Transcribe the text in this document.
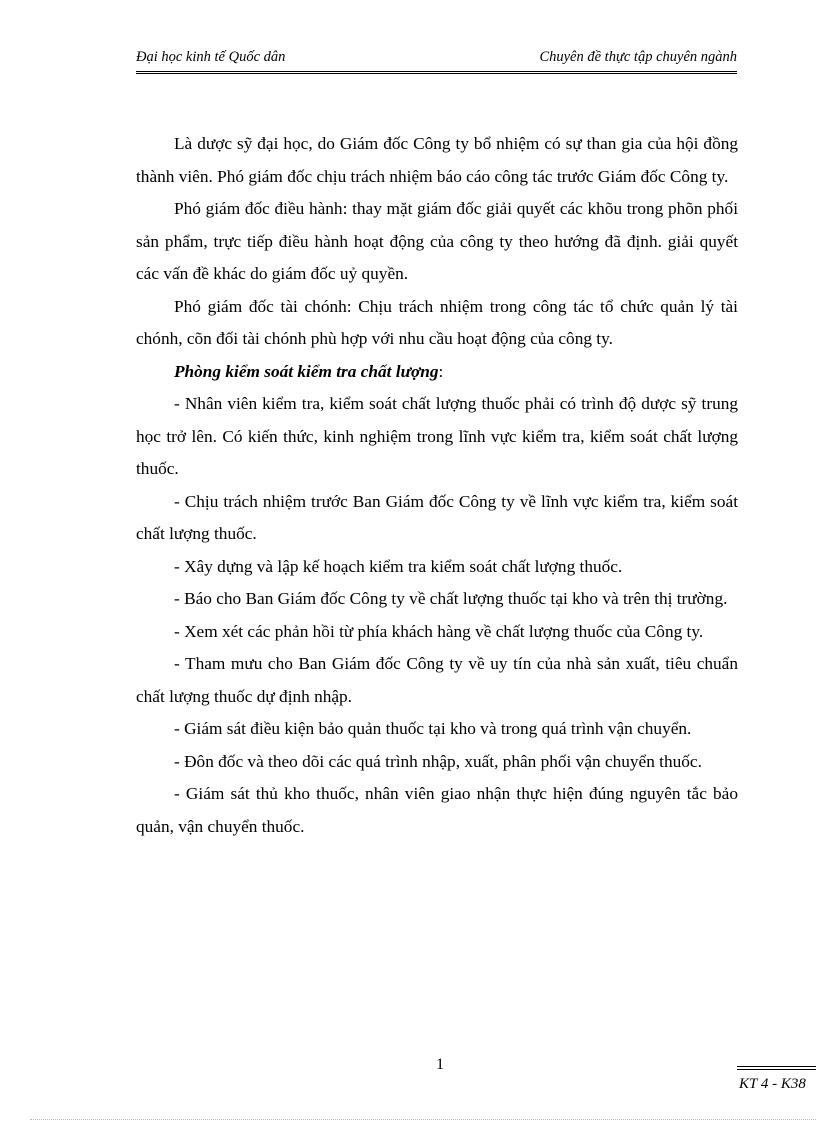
Đại học kinh tế Quốc dân	Chuyên đề thực tập chuyên ngành

Là dược sỹ đại học, do Giám đốc Công ty bổ nhiệm có sự than gia của hội đồng thành viên. Phó giám đốc chịu trách nhiệm báo cáo công tác trước Giám đốc Công ty.

Phó giám đốc điều hành: thay mặt giám đốc giải quyết các khõu trong phõn phối sản phẩm, trực tiếp điều hành hoạt động của công ty theo hướng đã định. giải quyết các vấn đề khác do giám đốc uỷ quyền.

Phó giám đốc tài chónh: Chịu trách nhiệm trong công tác tổ chức quản lý tài chónh, cõn đối tài chónh phù hợp với nhu cầu hoạt động của công ty.

Phòng kiểm soát kiểm tra chất lượng:

- Nhân viên kiểm tra, kiểm soát chất lượng thuốc phải có trình độ dược sỹ trung học trở lên. Có kiến thức, kinh nghiệm trong lĩnh vực kiểm tra, kiểm soát chất lượng thuốc.

- Chịu trách nhiệm trước Ban Giám đốc Công ty về lĩnh vực kiểm tra, kiểm soát chất lượng thuốc.

- Xây dựng và lập kế hoạch kiểm tra kiểm soát chất lượng thuốc.

- Báo cho Ban Giám đốc Công ty về chất lượng thuốc tại kho và trên thị trường.

- Xem xét các phản hồi từ phía khách hàng về chất lượng thuốc của Công ty.

- Tham mưu cho Ban Giám đốc Công ty về uy tín của nhà sản xuất, tiêu chuẩn chất lượng thuốc dự định nhập.

- Giám sát điều kiện bảo quản thuốc tại kho và trong quá trình vận chuyển.

- Đôn đốc và theo dõi các quá trình nhập, xuất, phân phối vận chuyển thuốc.

- Giám sát thủ kho thuốc, nhân viên giao nhận thực hiện đúng nguyên tắc bảo quản, vận chuyển thuốc.

1
KT 4 - K38
